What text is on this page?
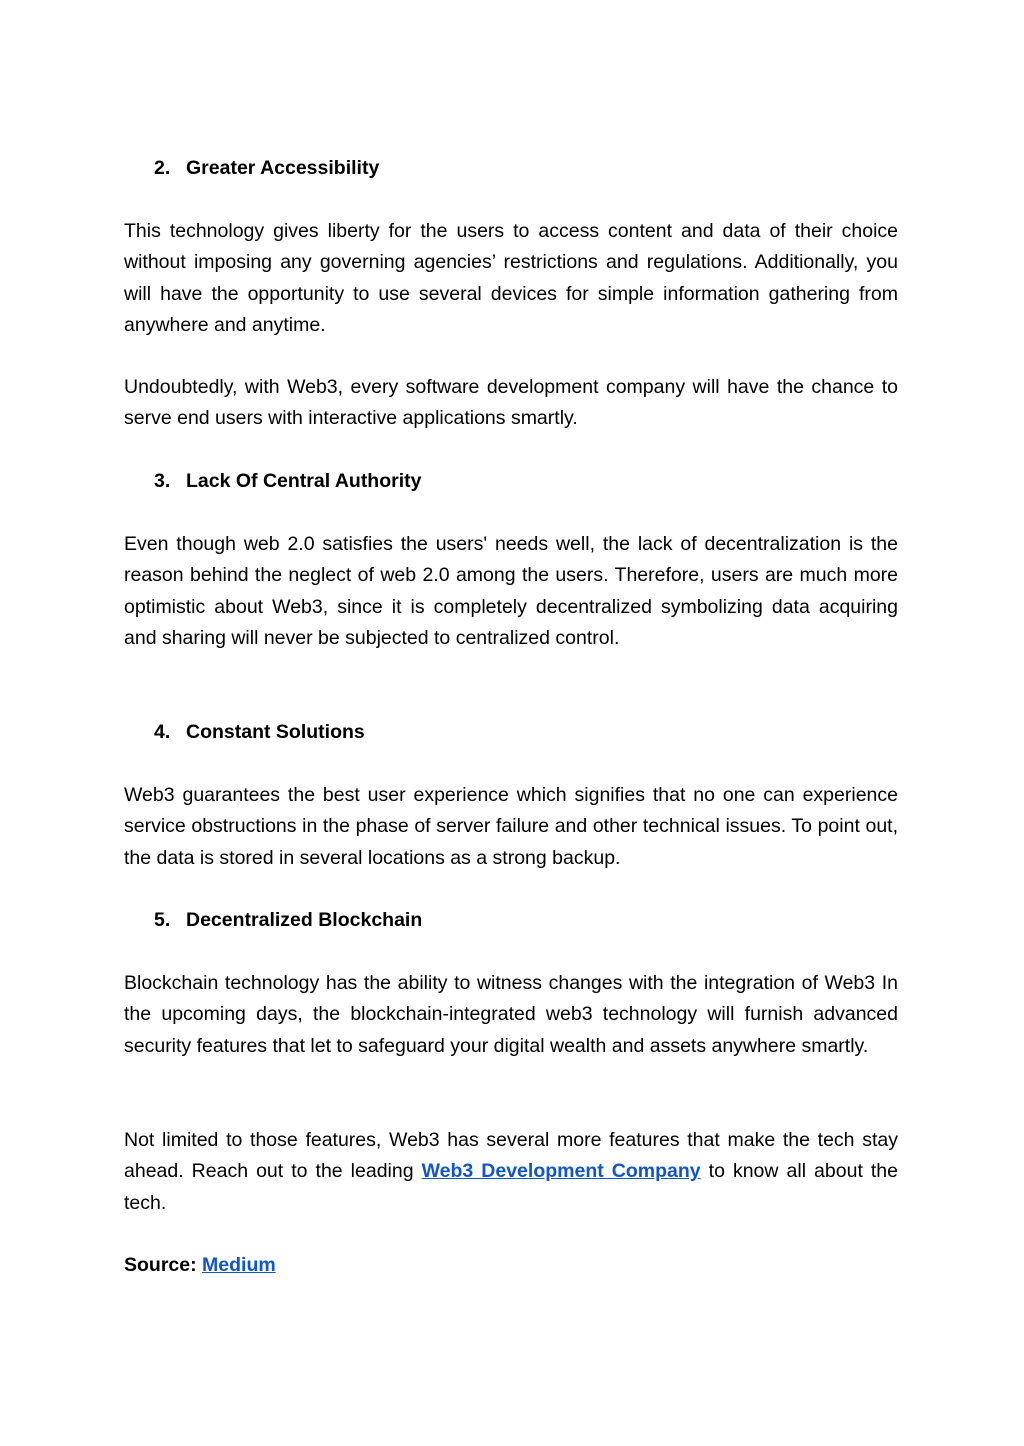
2. Greater Accessibility

This technology gives liberty for the users to access content and data of their choice without imposing any governing agencies’ restrictions and regulations. Additionally, you will have the opportunity to use several devices for simple information gathering from anywhere and anytime.

Undoubtedly, with Web3, every software development company will have the chance to serve end users with interactive applications smartly.

3. Lack Of Central Authority

Even though web 2.0 satisfies the users' needs well, the lack of decentralization is the reason behind the neglect of web 2.0 among the users. Therefore, users are much more optimistic about Web3, since it is completely decentralized symbolizing data acquiring and sharing will never be subjected to centralized control.

4. Constant Solutions

Web3 guarantees the best user experience which signifies that no one can experience service obstructions in the phase of server failure and other technical issues. To point out, the data is stored in several locations as a strong backup.

5. Decentralized Blockchain

Blockchain technology has the ability to witness changes with the integration of Web3 In the upcoming days, the blockchain-integrated web3 technology will furnish advanced security features that let to safeguard your digital wealth and assets anywhere smartly.

Not limited to those features, Web3 has several more features that make the tech stay ahead. Reach out to the leading Web3 Development Company to know all about the tech.

Source: Medium
